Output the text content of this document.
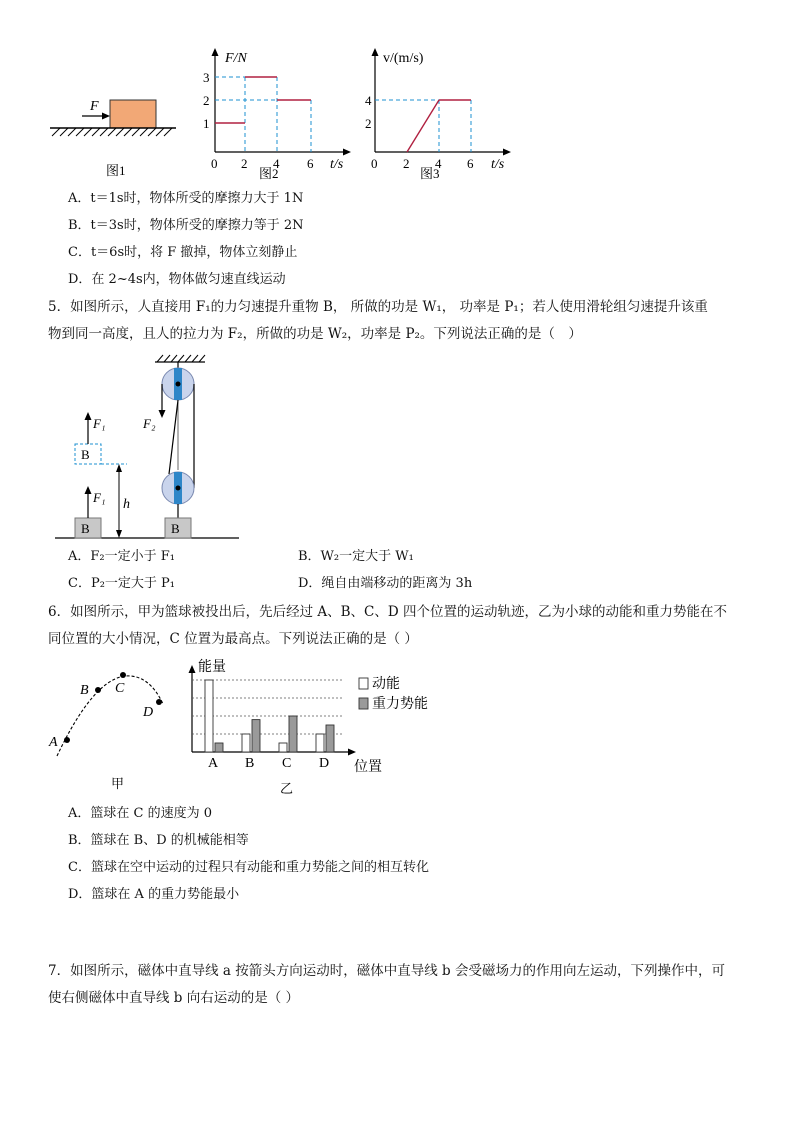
F
图1
F/N
3
2
1
0 2 4 6 t/s
图2
v/(m/s)
4
2
0 2 4 6 t/s
图3
A．t＝1s时，物体所受的摩擦力大于 1N
B．t＝3s时，物体所受的摩擦力等于 2N
C．t＝6s时，将 F 撤掉，物体立刻静止
D．在 2~4s内，物体做匀速直线运动
5．如图所示，人直接用 F₁的力匀速提升重物 B， 所做的功是 W₁， 功率是 P₁；若人使用滑轮组匀速提升该重
物到同一高度，且人的拉力为 F₂，所做的功是 W₂，功率是 P₂。下列说法正确的是（　）
B
F₁
h
B
F₁
F₂
B
A．F₂一定小于 F₁	B．W₂一定大于 W₁
C．P₂一定大于 P₁	D．绳自由端移动的距离为 3h
6．如图所示，甲为篮球被投出后，先后经过 A、B、C、D 四个位置的运动轨迹，乙为小球的动能和重力势能在不
同位置的大小情况，C 位置为最高点。下列说法正确的是（ ）
A
B C
D
甲
能量
位置
乙
动能
重力势能
A B C D
A．篮球在 C 的速度为 0
B．篮球在 B、D 的机械能相等
C．篮球在空中运动的过程只有动能和重力势能之间的相互转化
D．篮球在 A 的重力势能最小
7．如图所示，磁体中直导线 a 按箭头方向运动时，磁体中直导线 b 会受磁场力的作用向左运动，下列操作中，可
使右侧磁体中直导线 b 向右运动的是（ ）
